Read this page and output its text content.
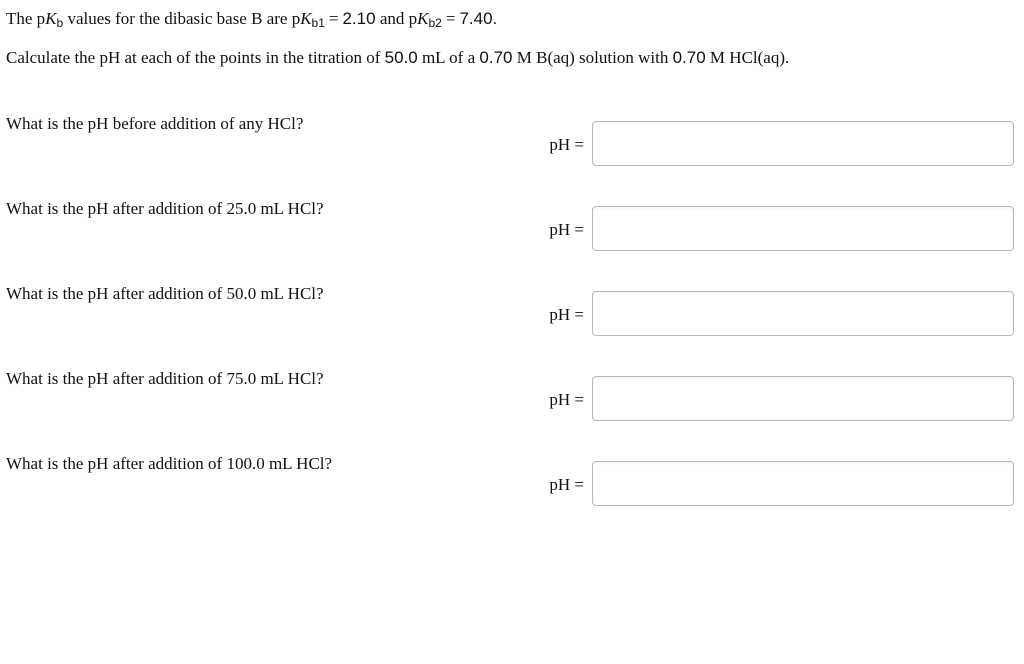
The $pK_b$ values for the dibasic base B are $pK_{b1} = 2.10$ and $pK_{b2} = 7.40$.
Calculate the pH at each of the points in the titration of 50.0 mL of a 0.70 M B(aq) solution with 0.70 M HCl(aq).
What is the pH before addition of any HCl?
pH =
What is the pH after addition of 25.0 mL HCl?
pH =
What is the pH after addition of 50.0 mL HCl?
pH =
What is the pH after addition of 75.0 mL HCl?
pH =
What is the pH after addition of 100.0 mL HCl?
pH =
